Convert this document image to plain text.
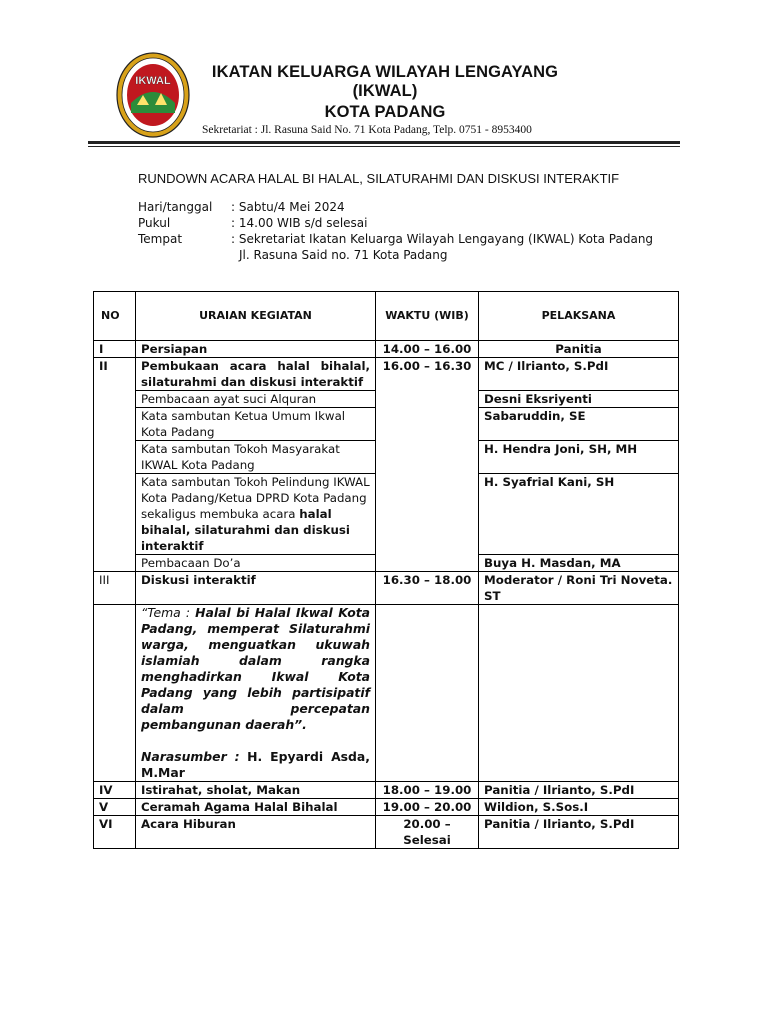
IKWAL	IKATAN KELUARGA WILAYAH LENGAYANG
(IKWAL)
KOTA PADANG
Sekretariat : Jl. Rasuna Said No. 71 Kota Padang, Telp. 0751 - 8953400
RUNDOWN ACARA HALAL BI HALAL, SILATURAHMI DAN DISKUSI INTERAKTIF
Hari/tanggal : Sabtu/4 Mei 2024
Pukul	: 14.00 WIB s/d selesai
Tempat	: Sekretariat Ikatan Keluarga Wilayah Lengayang (IKWAL) Kota Padang
Jl. Rasuna Said no. 71 Kota Padang
NO	URAIAN KEGIATAN	WAKTU (WIB)	PELAKSANA
I	Persiapan	14.00 – 16.00	Panitia
II	Pembukaan acara halal bihalal, silaturahmi dan diskusi interaktif	16.00 – 16.30	MC / Ilrianto, S.PdI
	Pembacaan ayat suci Alquran		Desni Eksriyenti
	Kata sambutan Ketua Umum Ikwal Kota Padang		Sabaruddin, SE
	Kata sambutan Tokoh Masyarakat IKWAL Kota Padang		H. Hendra Joni, SH, MH
	Kata sambutan Tokoh Pelindung IKWAL Kota Padang/Ketua DPRD Kota Padang sekaligus membuka acara halal bihalal, silaturahmi dan diskusi interaktif		H. Syafrial Kani, SH
	Pembacaan Do’a		Buya H. Masdan, MA
III	Diskusi interaktif	16.30 – 18.00	Moderator / Roni Tri Noveta. ST
	“Tema : Halal bi Halal Ikwal Kota Padang, memperat Silaturahmi warga, menguatkan ukuwah islamiah dalam rangka menghadirkan Ikwal Kota Padang yang lebih partisipatif dalam percepatan pembangunan daerah”.

Narasumber : H. Epyardi Asda, M.Mar		
IV	Istirahat, sholat, Makan	18.00 – 19.00	Panitia / Ilrianto, S.PdI
V	Ceramah Agama Halal Bihalal	19.00 – 20.00	Wildion, S.Sos.I
VI	Acara Hiburan	20.00 – Selesai	Panitia / Ilrianto, S.PdI
